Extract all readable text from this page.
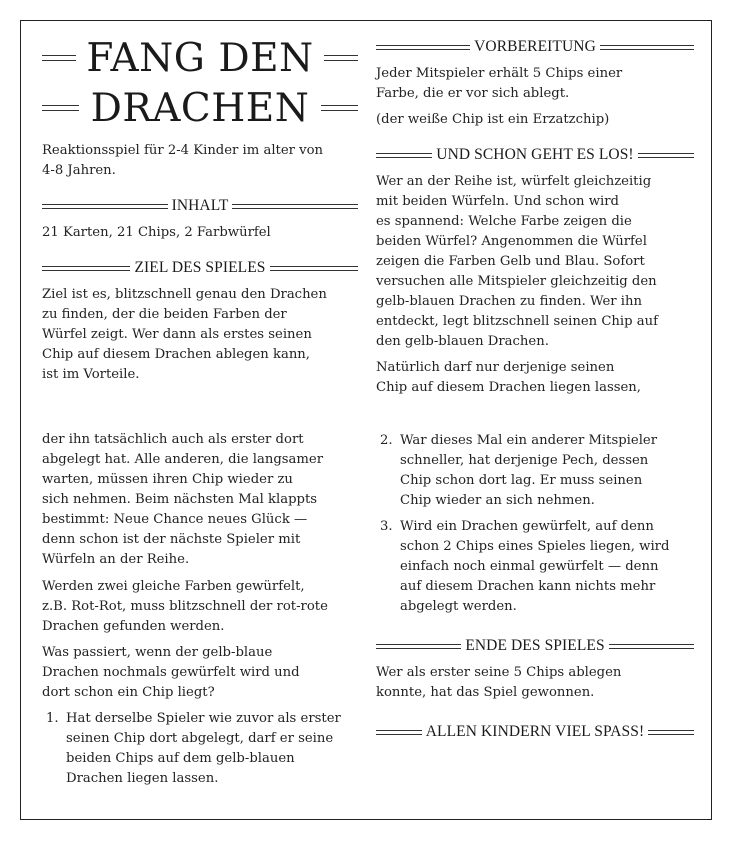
FANG DEN
DRACHEN
Reaktionsspiel für 2-4 Kinder im alter von
4-8 Jahren.
INHALT
21 Karten, 21 Chips, 2 Farbwürfel
ZIEL DES SPIELES
Ziel ist es, blitzschnell genau den Drachen
zu finden, der die beiden Farben der
Würfel zeigt. Wer dann als erstes seinen
Chip auf diesem Drachen ablegen kann,
ist im Vorteile.
VORBEREITUNG
Jeder Mitspieler erhält 5 Chips einer
Farbe, die er vor sich ablegt.
(der weiße Chip ist ein Erzatzchip)
UND SCHON GEHT ES LOS!
Wer an der Reihe ist, würfelt gleichzeitig
mit beiden Würfeln. Und schon wird
es spannend: Welche Farbe zeigen die
beiden Würfel? Angenommen die Würfel
zeigen die Farben Gelb und Blau. Sofort
versuchen alle Mitspieler gleichzeitig den
gelb-blauen Drachen zu finden. Wer ihn
entdeckt, legt blitzschnell seinen Chip auf
den gelb-blauen Drachen.
Natürlich darf nur derjenige seinen
Chip auf diesem Drachen liegen lassen,
der ihn tatsächlich auch als erster dort
abgelegt hat. Alle anderen, die langsamer
warten, müssen ihren Chip wieder zu
sich nehmen. Beim nächsten Mal klappts
bestimmt: Neue Chance neues Glück —
denn schon ist der nächste Spieler mit
Würfeln an der Reihe.
Werden zwei gleiche Farben gewürfelt,
z.B. Rot-Rot, muss blitzschnell der rot-rote
Drachen gefunden werden.
Was passiert, wenn der gelb-blaue
Drachen nochmals gewürfelt wird und
dort schon ein Chip liegt?
1. Hat derselbe Spieler wie zuvor als erster
seinen Chip dort abgelegt, darf er seine
beiden Chips auf dem gelb-blauen
Drachen liegen lassen.
2. War dieses Mal ein anderer Mitspieler
schneller, hat derjenige Pech, dessen
Chip schon dort lag. Er muss seinen
Chip wieder an sich nehmen.
3. Wird ein Drachen gewürfelt, auf denn
schon 2 Chips eines Spieles liegen, wird
einfach noch einmal gewürfelt — denn
auf diesem Drachen kann nichts mehr
abgelegt werden.
ENDE DES SPIELES
Wer als erster seine 5 Chips ablegen
konnte, hat das Spiel gewonnen.
ALLEN KINDERN VIEL SPASS!
